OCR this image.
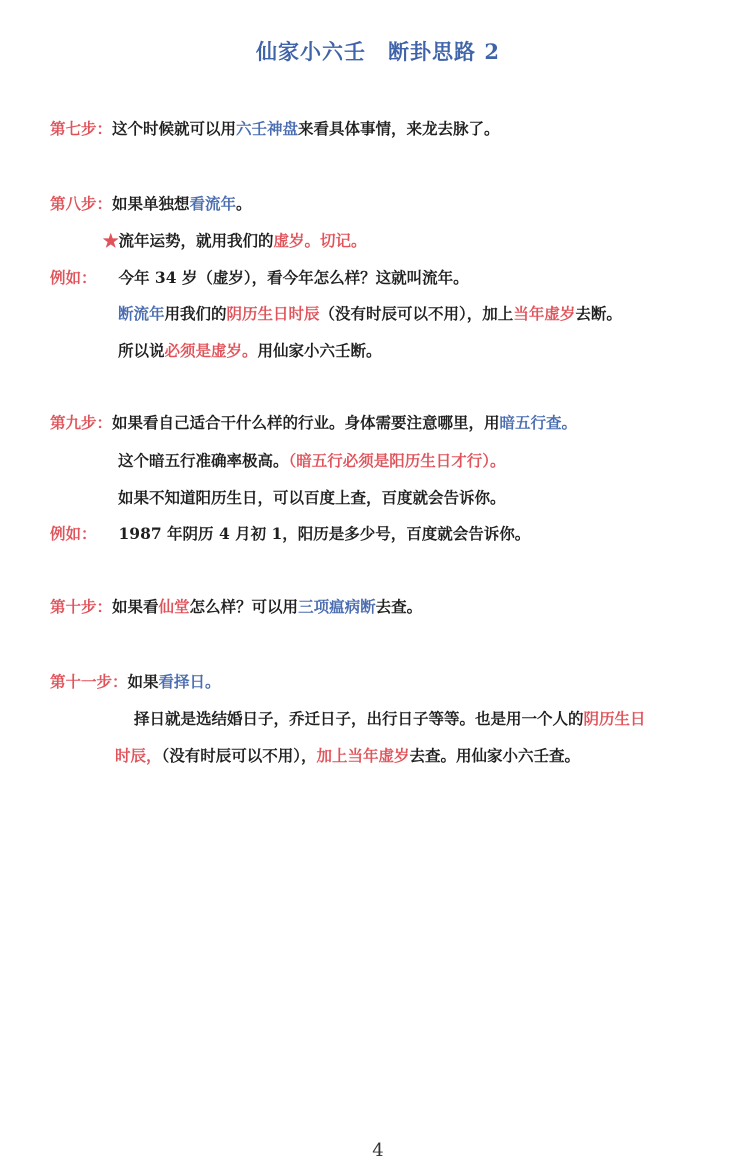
仙家小六壬 断卦思路 2
第七步：这个时候就可以用六壬神盘来看具体事情，来龙去脉了。
第八步：如果单独想看流年。
★流年运势，就用我们的虚岁。切记。
例如： 今年 34 岁（虚岁），看今年怎么样？这就叫流年。
断流年用我们的阴历生日时辰（没有时辰可以不用），加上当年虚岁去断。
所以说必须是虚岁。用仙家小六壬断。
第九步：如果看自己适合干什么样的行业。身体需要注意哪里，用暗五行查。
这个暗五行准确率极高。（暗五行必须是阳历生日才行）。
如果不知道阳历生日，可以百度上查，百度就会告诉你。
例如： 1987 年阴历 4 月初 1，阳历是多少号，百度就会告诉你。
第十步：如果看仙堂怎么样？可以用三项瘟病断去查。
第十一步：如果看择日。
择日就是选结婚日子，乔迁日子，出行日子等等。也是用一个人的阴历生日
时辰，（没有时辰可以不用），加上当年虚岁去查。用仙家小六壬查。
4
